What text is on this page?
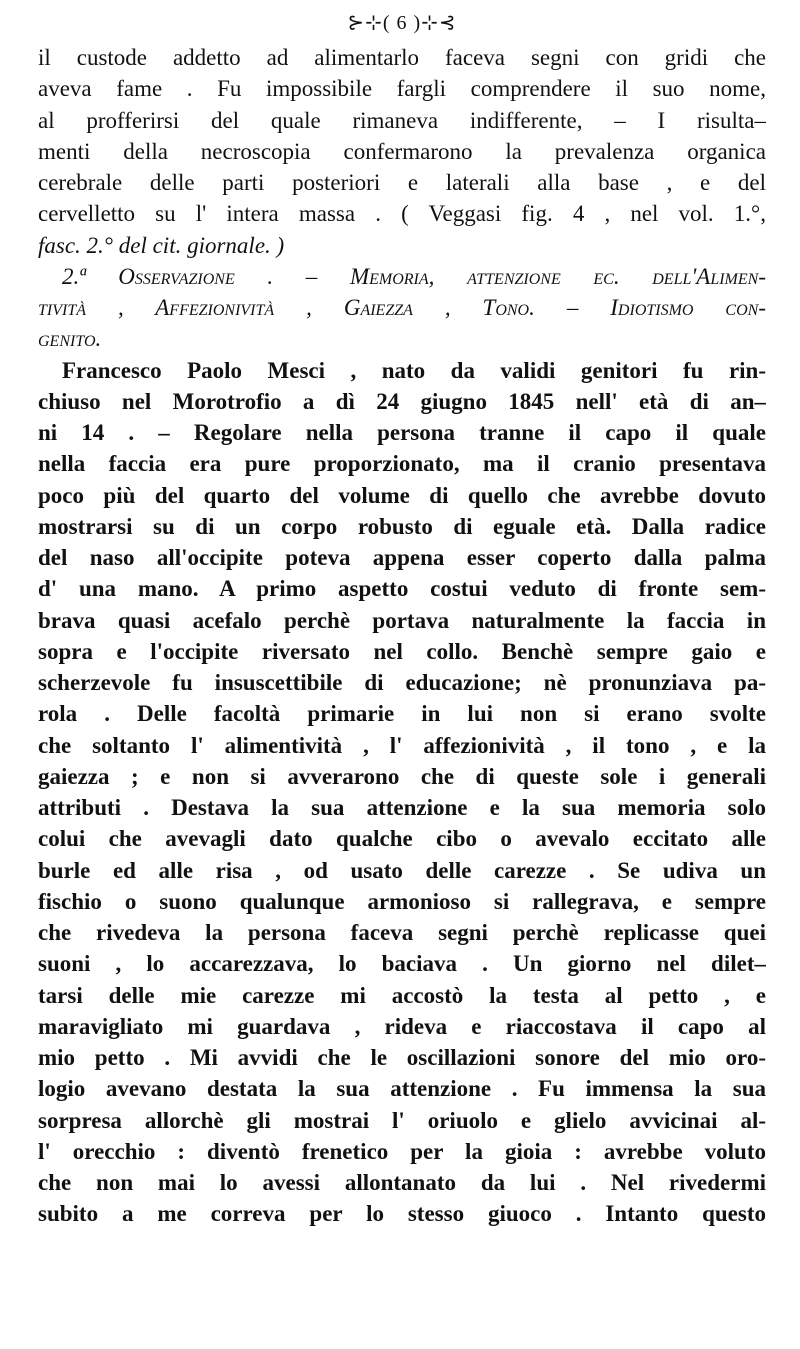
⊱⊹( 6 )⊹⊰
il custode addetto ad alimentarlo faceva segni con gridi che
aveva fame . Fu impossibile fargli comprendere il suo nome,
al profferirsi del quale rimaneva indifferente, – I risulta–
menti della necroscopia confermarono la prevalenza organica
cerebrale delle parti posteriori e laterali alla base , e del
cervelletto su l' intera massa . ( Veggasi fig. 4 , nel vol. 1.°,
fasc. 2.° del cit. giornale. )
2.ª Osservazione . – Memoria, attenzione ec. dell'Alimen-
tività , Affezionività , Gaiezza , Tono. – Idiotismo con-
genito.
Francesco Paolo Mesci , nato da validi genitori fu rin-
chiuso nel Morotrofio a dì 24 giugno 1845 nell' età di an–
ni 14 . – Regolare nella persona tranne il capo il quale
nella faccia era pure proporzionato, ma il cranio presentava
poco più del quarto del volume di quello che avrebbe dovuto
mostrarsi su di un corpo robusto di eguale età. Dalla radice
del naso all'occipite poteva appena esser coperto dalla palma
d' una mano. A primo aspetto costui veduto di fronte sem-
brava quasi acefalo perchè portava naturalmente la faccia in
sopra e l'occipite riversato nel collo. Benchè sempre gaio e
scherzevole fu insuscettibile di educazione; nè pronunziava pa-
rola . Delle facoltà primarie in lui non si erano svolte
che soltanto l' alimentività , l' affezionività , il tono , e la
gaiezza ; e non si avverarono che di queste sole i generali
attributi . Destava la sua attenzione e la sua memoria solo
colui che avevagli dato qualche cibo o avevalo eccitato alle
burle ed alle risa , od usato delle carezze . Se udiva un
fischio o suono qualunque armonioso si rallegrava, e sempre
che rivedeva la persona faceva segni perchè replicasse quei
suoni , lo accarezzava, lo baciava . Un giorno nel dilet–
tarsi delle mie carezze mi accostò la testa al petto , e
maravigliato mi guardava , rideva e riaccostava il capo al
mio petto . Mi avvidi che le oscillazioni sonore del mio oro-
logio avevano destata la sua attenzione . Fu immensa la sua
sorpresa allorchè gli mostrai l' oriuolo e glielo avvicinai al-
l' orecchio : diventò frenetico per la gioia : avrebbe voluto
che non mai lo avessi allontanato da lui . Nel rivedermi
subito a me correva per lo stesso giuoco . Intanto questo
